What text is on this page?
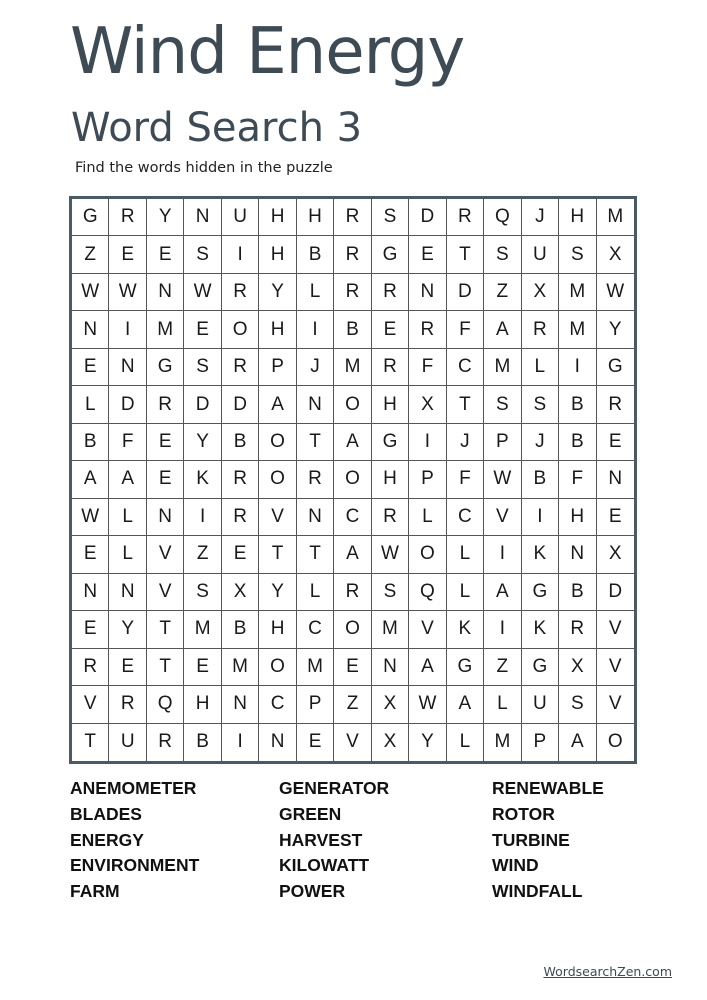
Wind Energy
Word Search 3
Find the words hidden in the puzzle
G	R	Y	N	U	H	H	R	S	D	R	Q	J	H	M
Z	E	E	S	I	H	B	R	G	E	T	S	U	S	X
W	W	N	W	R	Y	L	R	R	N	D	Z	X	M	W
N	I	M	E	O	H	I	B	E	R	F	A	R	M	Y
E	N	G	S	R	P	J	M	R	F	C	M	L	I	G
L	D	R	D	D	A	N	O	H	X	T	S	S	B	R
B	F	E	Y	B	O	T	A	G	I	J	P	J	B	E
A	A	E	K	R	O	R	O	H	P	F	W	B	F	N
W	L	N	I	R	V	N	C	R	L	C	V	I	H	E
E	L	V	Z	E	T	T	A	W	O	L	I	K	N	X
N	N	V	S	X	Y	L	R	S	Q	L	A	G	B	D
E	Y	T	M	B	H	C	O	M	V	K	I	K	R	V
R	E	T	E	M	O	M	E	N	A	G	Z	G	X	V
V	R	Q	H	N	C	P	Z	X	W	A	L	U	S	V
T	U	R	B	I	N	E	V	X	Y	L	M	P	A	O
ANEMOMETER
BLADES
ENERGY
ENVIRONMENT
FARM
GENERATOR
GREEN
HARVEST
KILOWATT
POWER
RENEWABLE
ROTOR
TURBINE
WIND
WINDFALL
WordsearchZen.com
